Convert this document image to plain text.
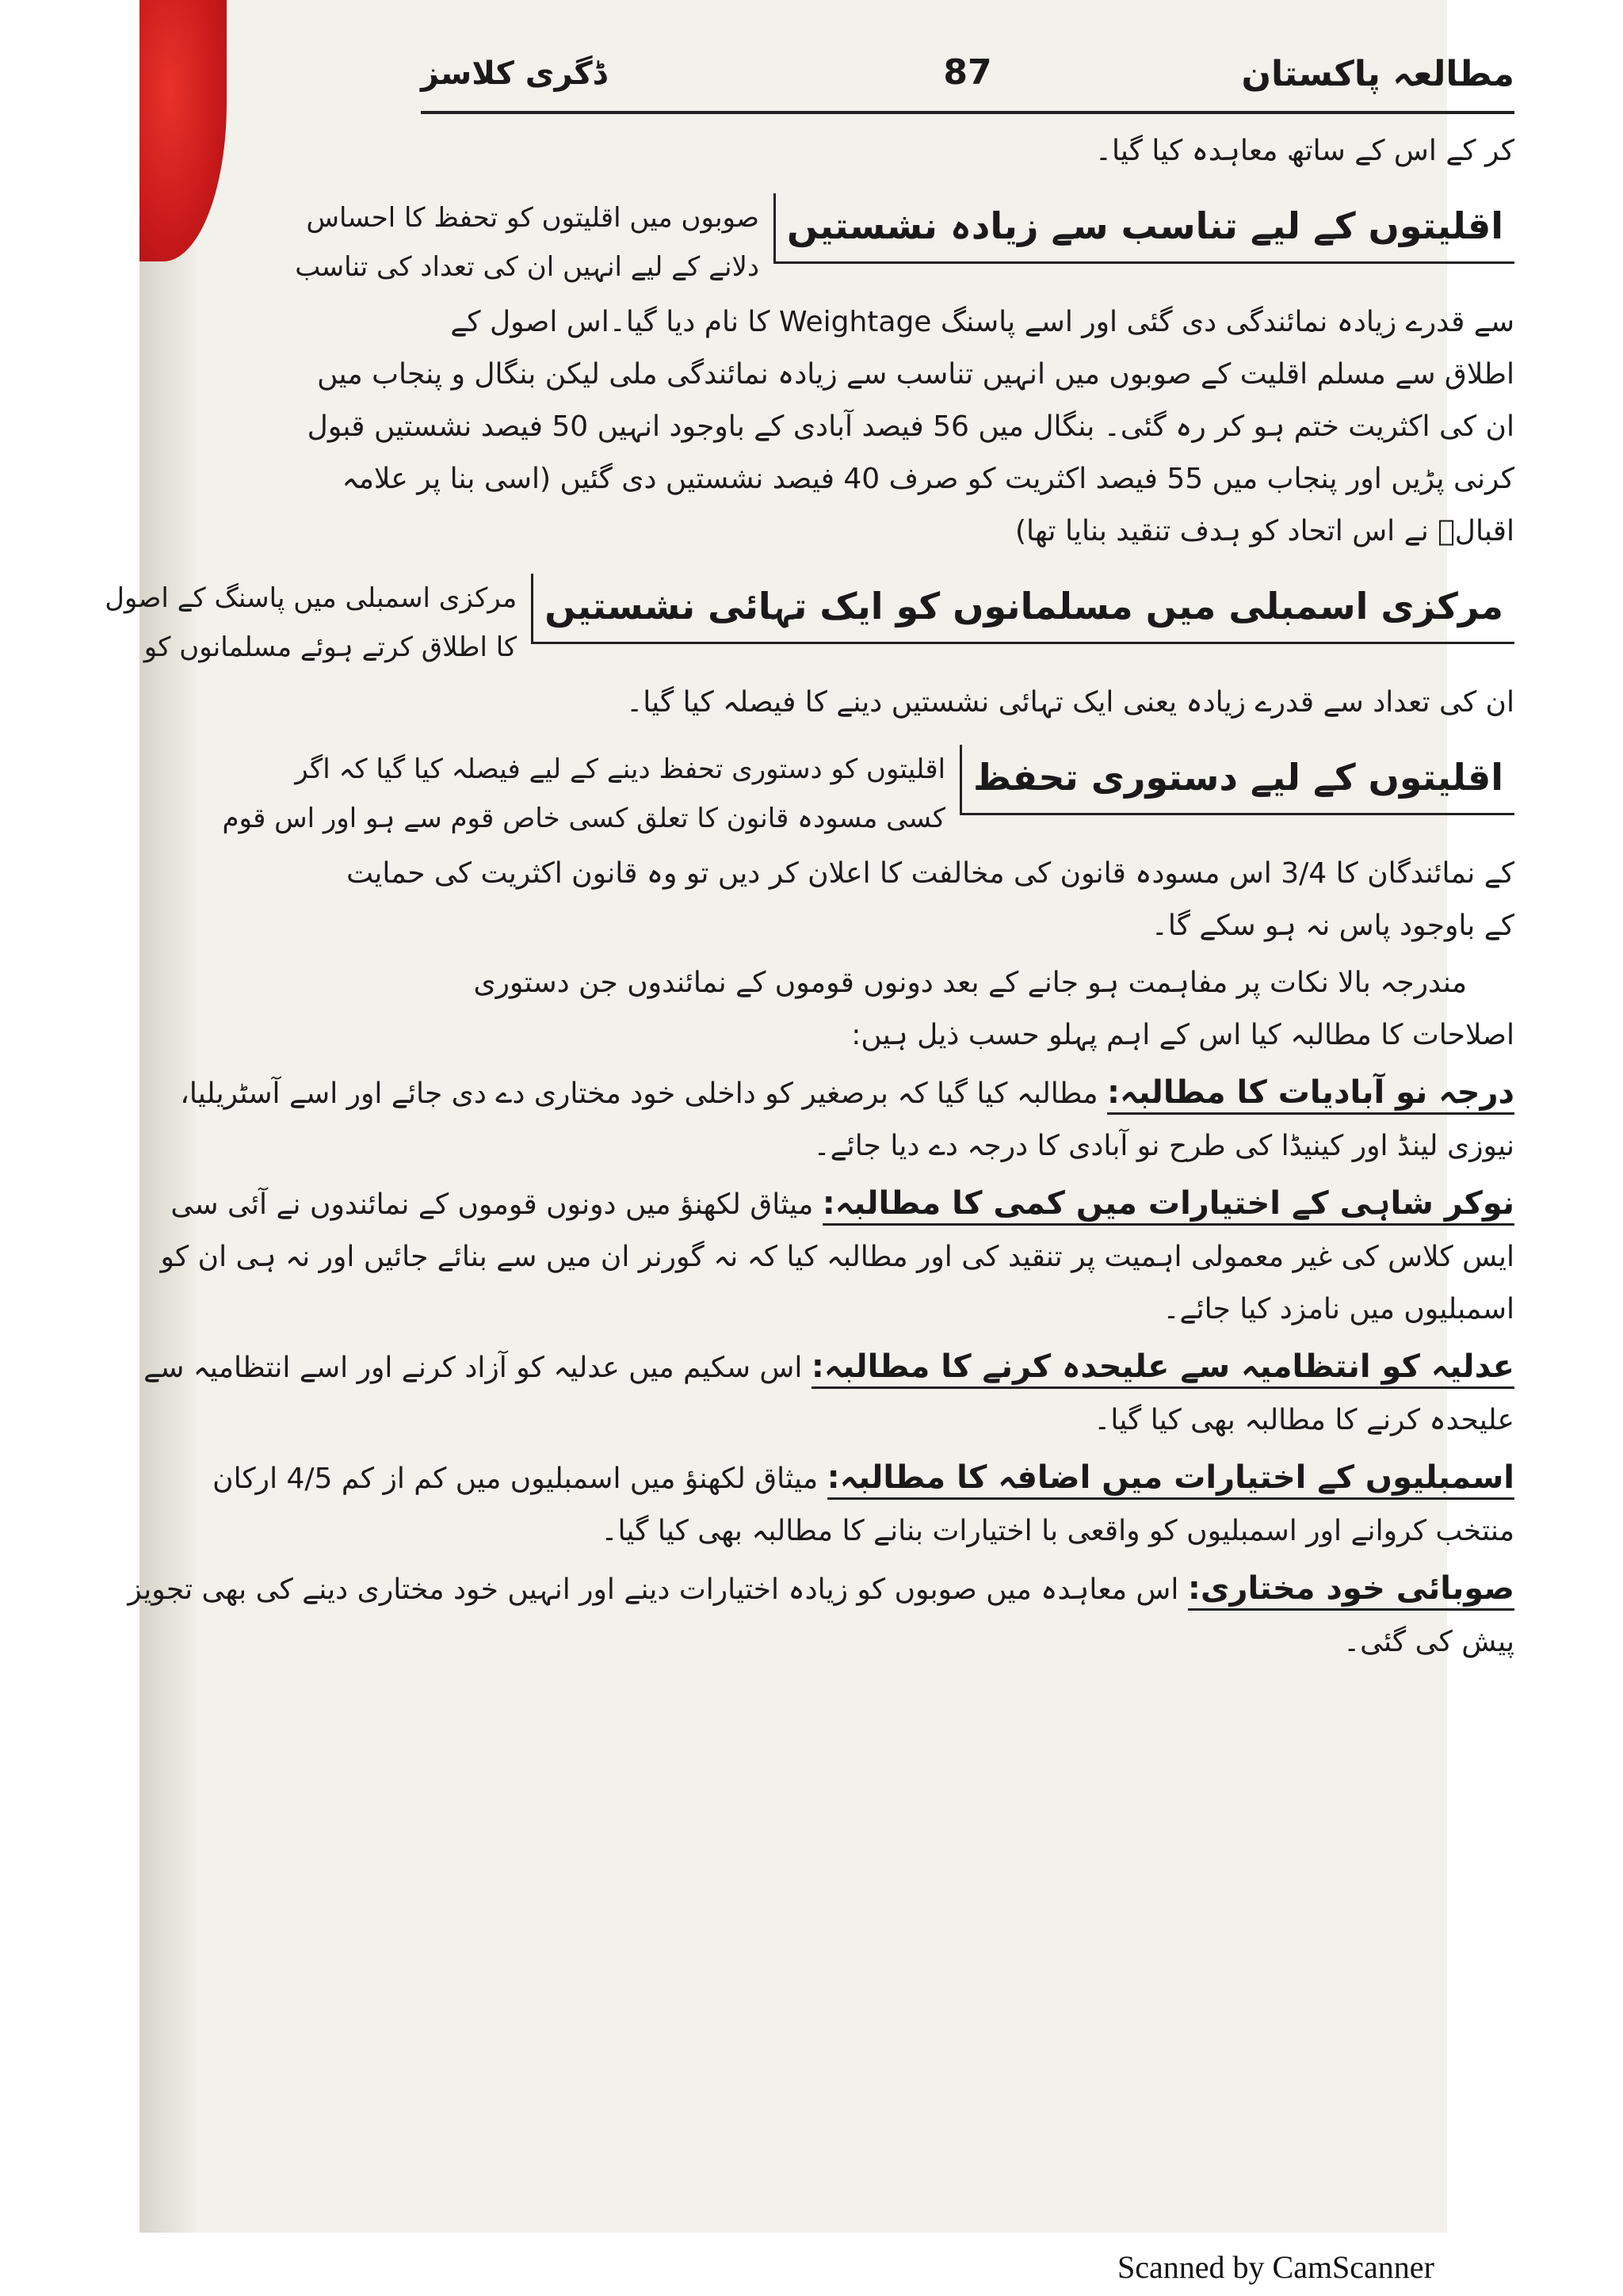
مطالعہ پاکستان
87
ڈگری کلاسز
کر کے اس کے ساتھ معاہدہ کیا گیا۔
اقلیتوں کے لیے تناسب سے زیادہ نشستیں
صوبوں میں اقلیتوں کو تحفظ کا احساس
دلانے کے لیے انہیں ان کی تعداد کی تناسب
سے قدرے زیادہ نمائندگی دی گئی اور اسے پاسنگ Weightage کا نام دیا گیا۔اس اصول کے
اطلاق سے مسلم اقلیت کے صوبوں میں انہیں تناسب سے زیادہ نمائندگی ملی لیکن بنگال و پنجاب میں
ان کی اکثریت ختم ہو کر رہ گئی۔ بنگال میں 56 فیصد آبادی کے باوجود انہیں 50 فیصد نشستیں قبول
کرنی پڑیں اور پنجاب میں 55 فیصد اکثریت کو صرف 40 فیصد نشستیں دی گئیں (اسی بنا پر علامہ
اقبالؒ نے اس اتحاد کو ہدف تنقید بنایا تھا)
مرکزی اسمبلی میں مسلمانوں کو ایک تہائی نشستیں
مرکزی اسمبلی میں پاسنگ کے اصول
کا اطلاق کرتے ہوئے مسلمانوں کو
ان کی تعداد سے قدرے زیادہ یعنی ایک تہائی نشستیں دینے کا فیصلہ کیا گیا۔
اقلیتوں کے لیے دستوری تحفظ
اقلیتوں کو دستوری تحفظ دینے کے لیے فیصلہ کیا گیا کہ اگر
کسی مسودہ قانون کا تعلق کسی خاص قوم سے ہو اور اس قوم
کے نمائندگان کا 3/4 اس مسودہ قانون کی مخالفت کا اعلان کر دیں تو وہ قانون اکثریت کی حمایت
کے باوجود پاس نہ ہو سکے گا۔
مندرجہ بالا نکات پر مفاہمت ہو جانے کے بعد دونوں قوموں کے نمائندوں جن دستوری
اصلاحات کا مطالبہ کیا اس کے اہم پہلو حسب ذیل ہیں:
درجہ نو آبادیات کا مطالبہ: مطالبہ کیا گیا کہ برصغیر کو داخلی خود مختاری دے دی جائے اور اسے آسٹریلیا،
نیوزی لینڈ اور کینیڈا کی طرح نو آبادی کا درجہ دے دیا جائے۔
نوکر شاہی کے اختیارات میں کمی کا مطالبہ: میثاق لکھنؤ میں دونوں قوموں کے نمائندوں نے آئی سی
ایس کلاس کی غیر معمولی اہمیت پر تنقید کی اور مطالبہ کیا کہ نہ گورنر ان میں سے بنائے جائیں اور نہ ہی ان کو
اسمبلیوں میں نامزد کیا جائے۔
عدلیہ کو انتظامیہ سے علیحدہ کرنے کا مطالبہ: اس سکیم میں عدلیہ کو آزاد کرنے اور اسے انتظامیہ سے
علیحدہ کرنے کا مطالبہ بھی کیا گیا۔
اسمبلیوں کے اختیارات میں اضافہ کا مطالبہ: میثاق لکھنؤ میں اسمبلیوں میں کم از کم 4/5 ارکان
منتخب کروانے اور اسمبلیوں کو واقعی با اختیارات بنانے کا مطالبہ بھی کیا گیا۔
صوبائی خود مختاری: اس معاہدہ میں صوبوں کو زیادہ اختیارات دینے اور انہیں خود مختاری دینے کی بھی تجویز
پیش کی گئی۔
Scanned by CamScanner
